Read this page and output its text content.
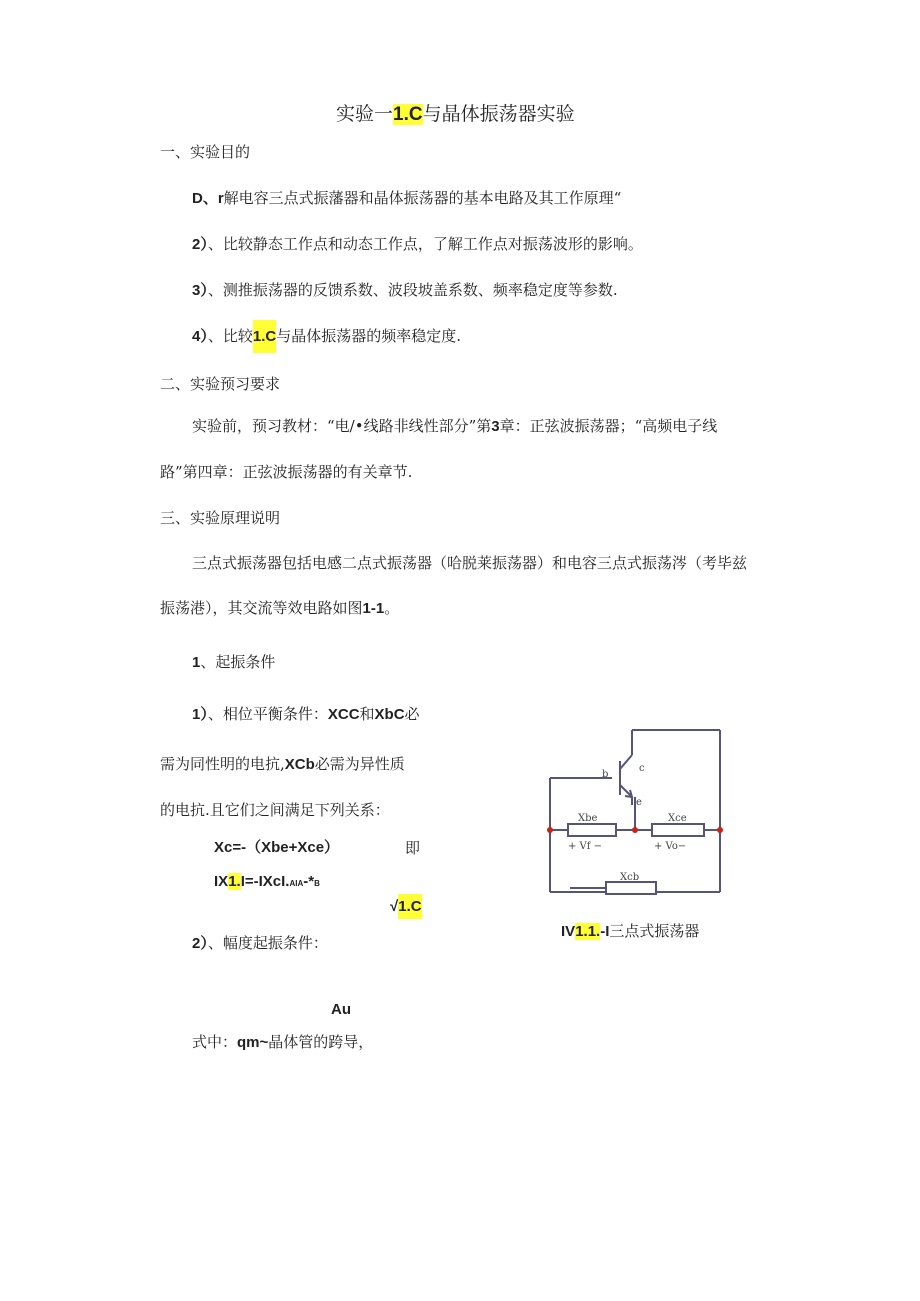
实验一1.C与晶体振荡器实验
一、实验目的
D、r解电容三点式振藩器和晶体振荡器的基本电路及其工作原理“
2）、比较静态工作点和动态工作点，了解工作点对振荡波形的影响。
3）、测推振荡器的反馈系数、波段坡盖系数、频率稳定度等参数.
4）、比较1.C与晶体振荡器的频率稳定度.
二、实验预习要求
实验前，预习教材：“电/•线路非线性部分”第3章：正弦波振荡器；“高频电子线
路”第四章：正弦波振荡器的有关章节.
三、实验原理说明
三点式振荡器包括电感二点式振荡器（哈脱莱振荡器）和电容三点式振荡涔（考毕兹
振荡港），其交流等效电路如图1-1。
1、起振条件
1）、相位平衡条件：XCC和XbC必
需为同性明的电抗,XCb必需为异性质
的电抗.且它们之间满足下列关系：
Xc=-（Xbe+Xce）	即
IX1.I=-IXcI.AIA-*B
√1.C
2）、幅度起振条件：
Au
式中：qm~晶体管的跨导，
b
c
e
Xbe	Xce
+ Vf −	+ Vo−
Xcb
IV1.1.-I三点式振荡器
